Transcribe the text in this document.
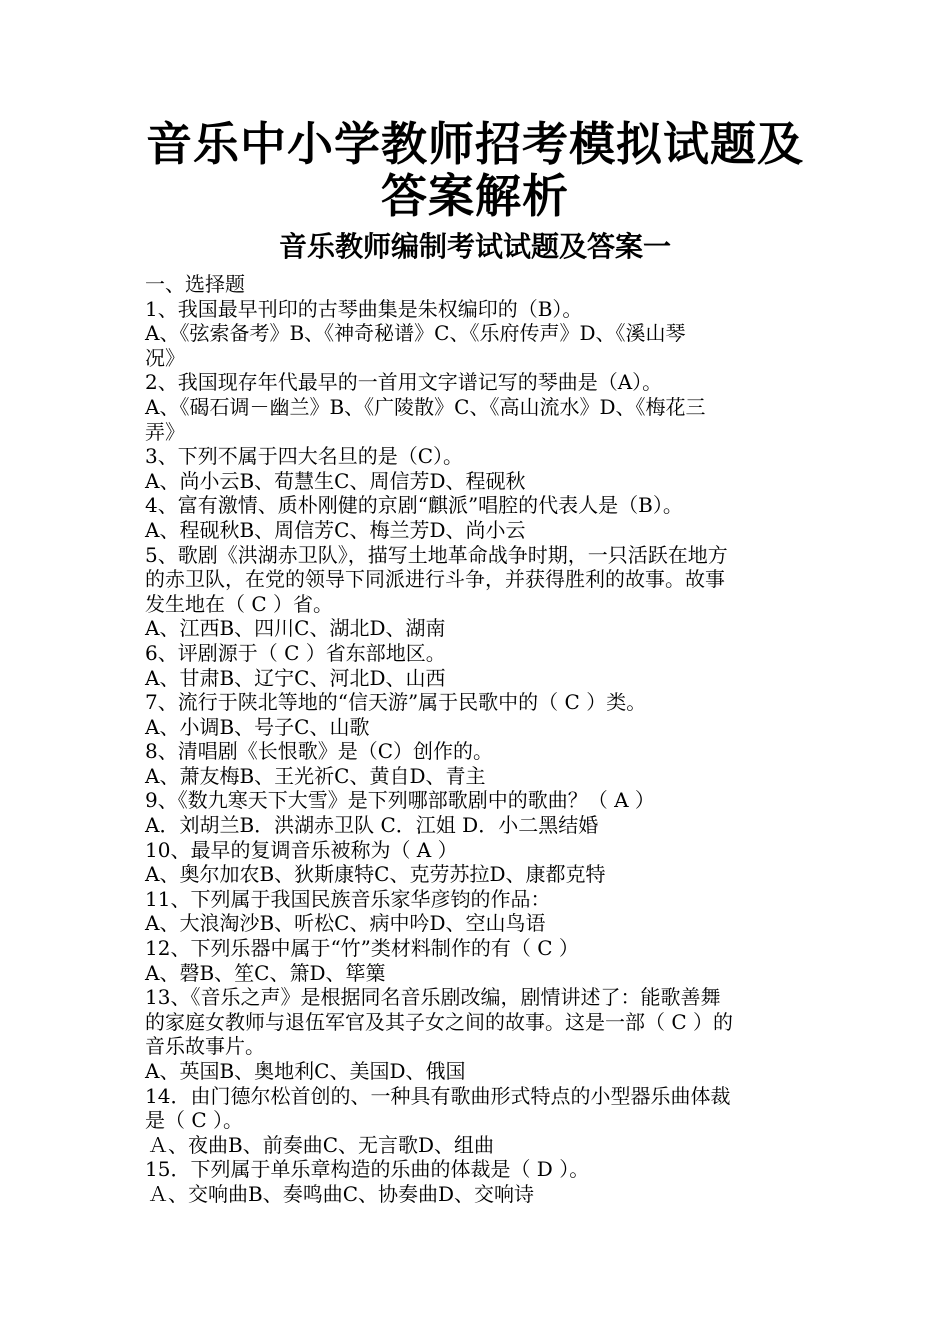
音乐中小学教师招考模拟试题及
答案解析
音乐教师编制考试试题及答案一
一、选择题
1、我国最早刊印的古琴曲集是朱权编印的（B）。
A、《弦索备考》B、《神奇秘谱》C、《乐府传声》D、《溪山琴
况》
2、我国现存年代最早的一首用文字谱记写的琴曲是（A）。
A、《碣石调－幽兰》B、《广陵散》C、《高山流水》D、《梅花三
弄》
3、下列不属于四大名旦的是（C）。
A、尚小云B、荀慧生C、周信芳D、程砚秋
4、富有激情、质朴刚健的京剧“麒派”唱腔的代表人是（B）。
A、程砚秋B、周信芳C、梅兰芳D、尚小云
5、歌剧《洪湖赤卫队》，描写土地革命战争时期，一只活跃在地方
的赤卫队，在党的领导下同派进行斗争，并获得胜利的故事。故事
发生地在（ C ）省。
A、江西B、四川C、湖北D、湖南
6、评剧源于（ C ）省东部地区。
A、甘肃B、辽宁C、河北D、山西
7、流行于陕北等地的“信天游”属于民歌中的（ C ）类。
A、小调B、号子C、山歌
8、清唱剧《长恨歌》是（C）创作的。
A、萧友梅B、王光祈C、黄自D、青主
9、《数九寒天下大雪》是下列哪部歌剧中的歌曲？（ A ）
A．刘胡兰B．洪湖赤卫队 C．江姐 D．小二黑结婚
10、最早的复调音乐被称为（ A ）
A、奥尔加农B、狄斯康特C、克劳苏拉D、康都克特
11、下列属于我国民族音乐家华彦钧的作品：
A、大浪淘沙B、听松C、病中吟D、空山鸟语
12、下列乐器中属于“竹”类材料制作的有（ C ）
A、磬B、笙C、箫D、筚篥
13、《音乐之声》是根据同名音乐剧改编，剧情讲述了：能歌善舞
的家庭女教师与退伍军官及其子女之间的故事。这是一部（ C ）的
音乐故事片。
A、英国B、奥地利C、美国D、俄国
14．由门德尔松首创的、一种具有歌曲形式特点的小型器乐曲体裁
是（ C ）。
Ａ、夜曲B、前奏曲C、无言歌D、组曲
15．下列属于单乐章构造的乐曲的体裁是（ D ）。
Ａ、交响曲B、奏鸣曲C、协奏曲D、交响诗
